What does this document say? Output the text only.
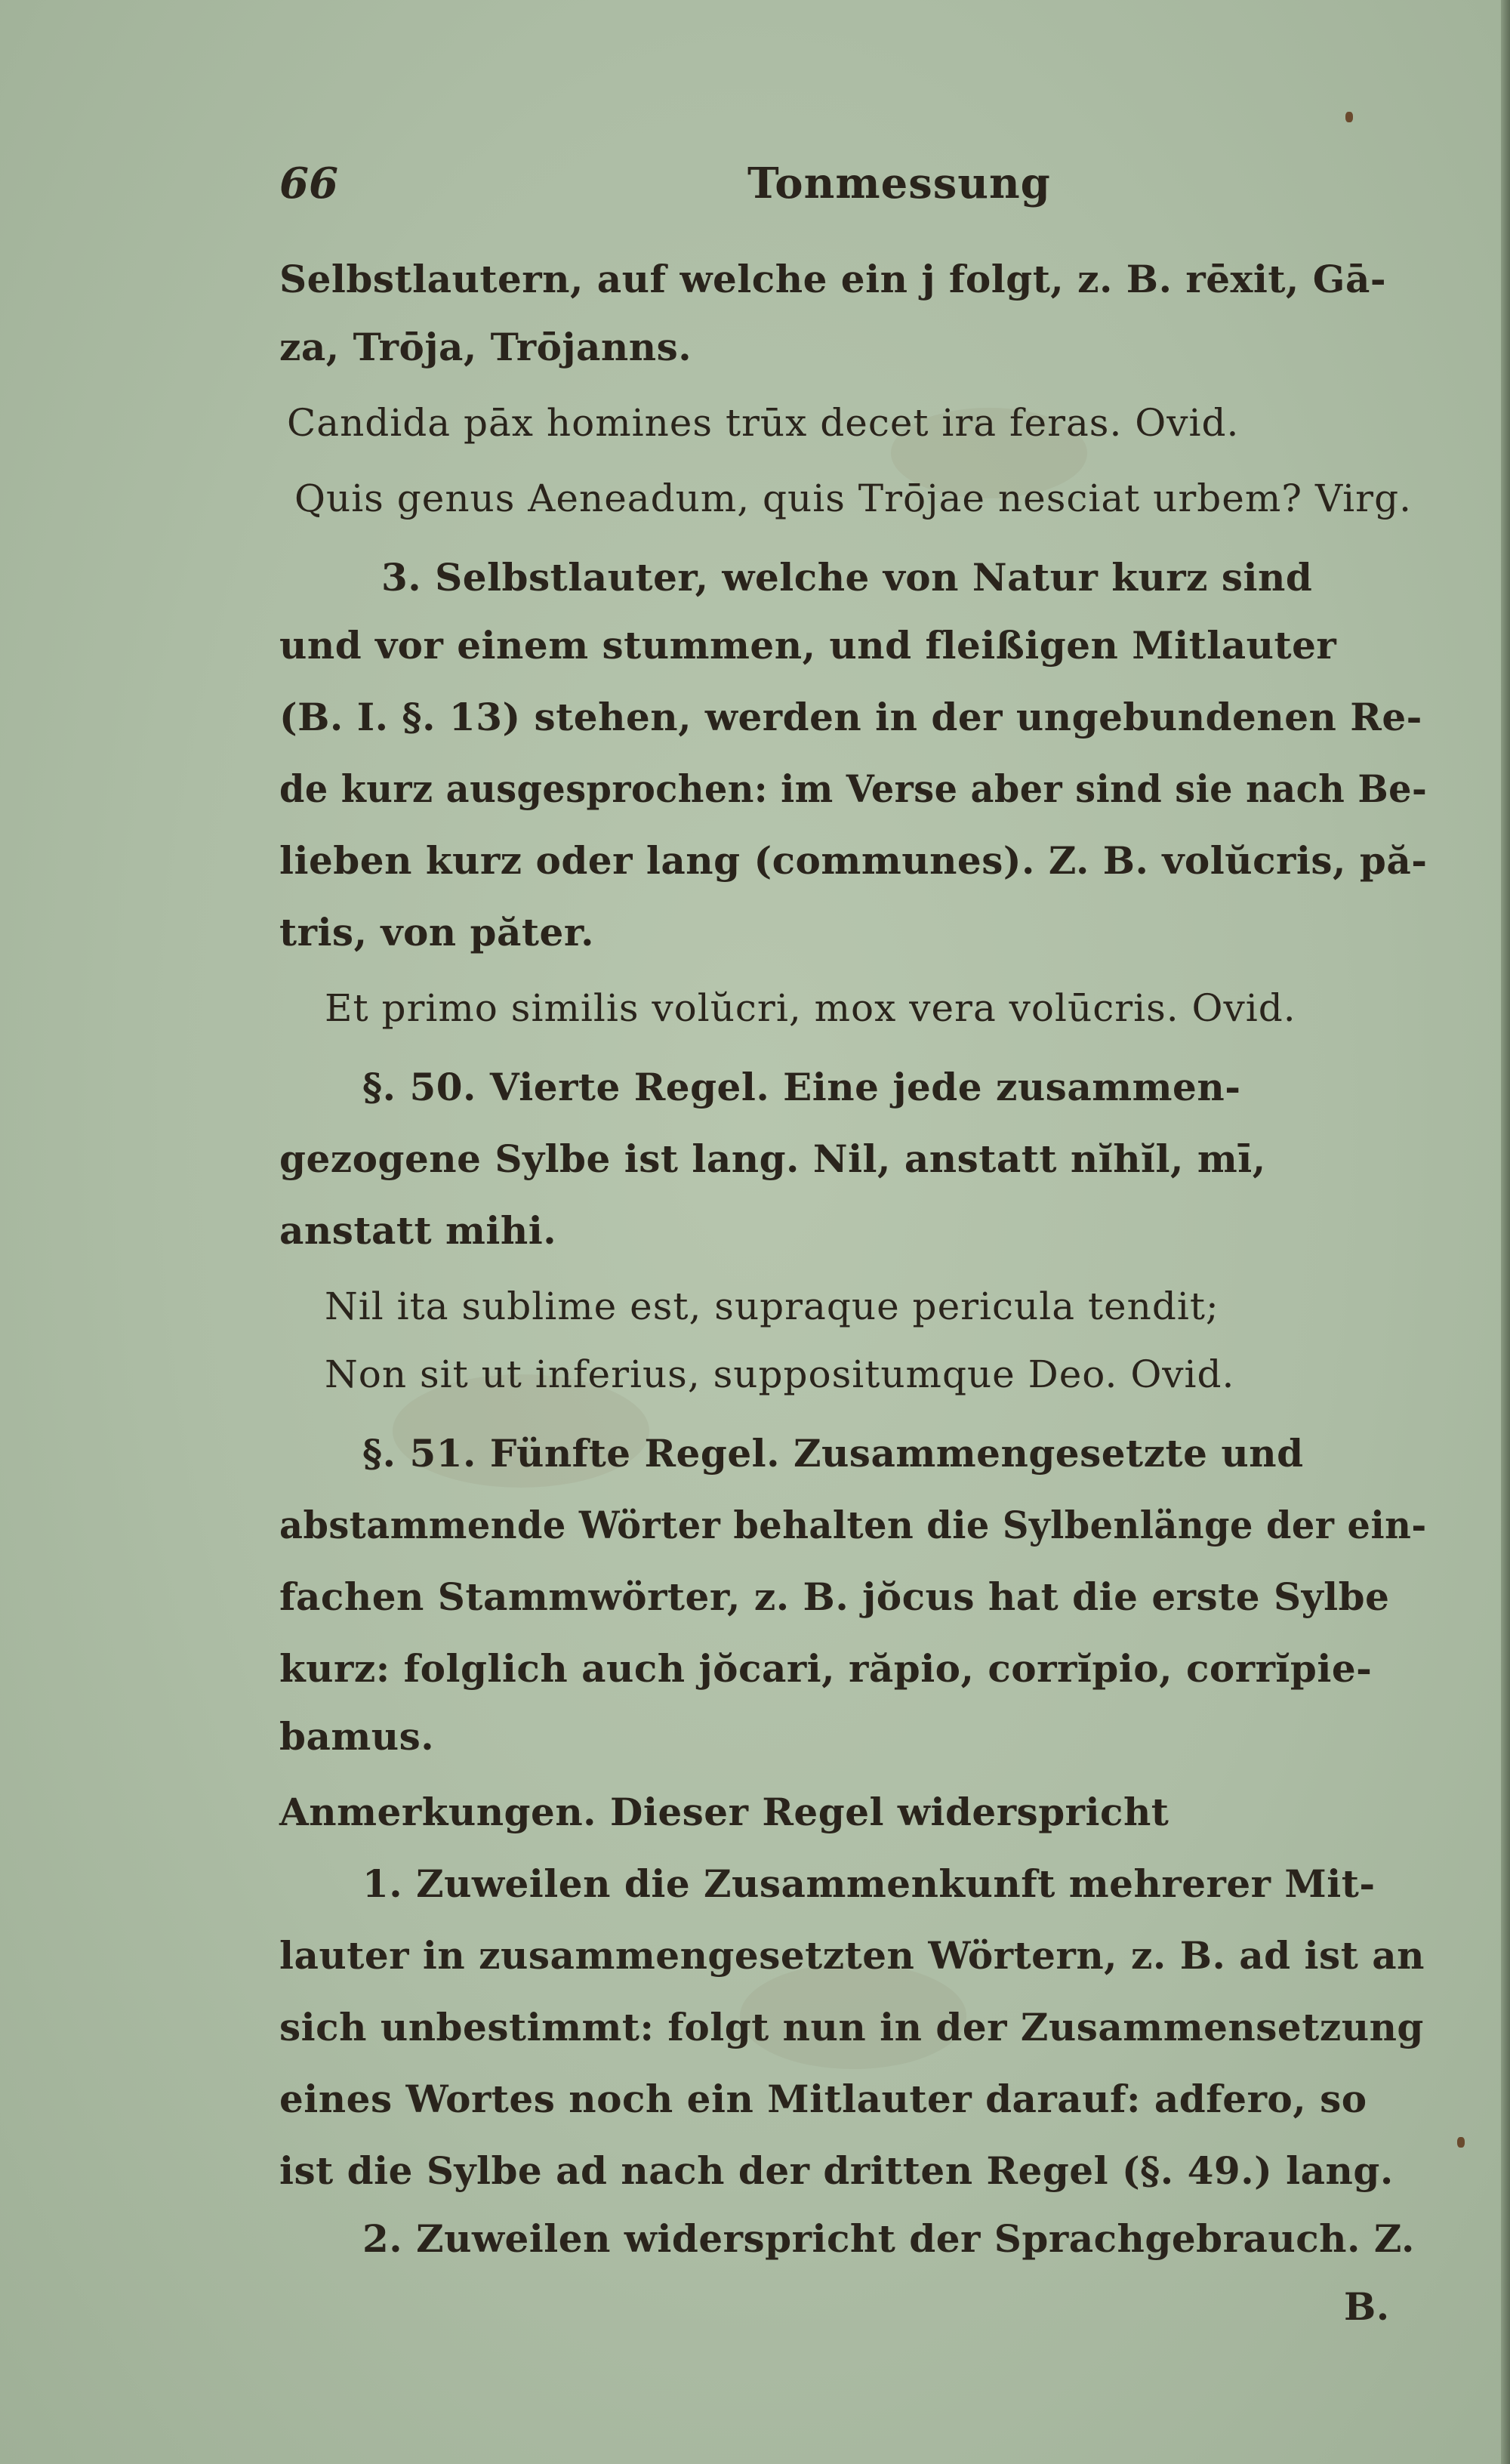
66	Tonmessung
Selbstlautern, auf welche ein j folgt, z. B. rēxit, Gā-
za, Trōja, Trōjanns.
Candida pāx homines trūx decet ira feras. Ovid.
Quis genus Aeneadum, quis Trōjae nesciat urbem? Virg.
3. Selbstlauter, welche von Natur kurz sind
und vor einem stummen, und fleißigen Mitlauter
(B. I. §. 13) stehen, werden in der ungebundenen Re-
de kurz ausgesprochen: im Verse aber sind sie nach Be-
lieben kurz oder lang (communes). Z. B. volŭcris, pă-
tris, von păter.
Et primo similis volŭcri, mox vera volūcris. Ovid.
§. 50. Vierte Regel. Eine jede zusammen-
gezogene Sylbe ist lang. Nil, anstatt nĭhĭl, mī,
anstatt mihi.
Nil ita sublime est, supraque pericula tendit;
Non sit ut inferius, suppositumque Deo. Ovid.
§. 51. Fünfte Regel. Zusammengesetzte und
abstammende Wörter behalten die Sylbenlänge der ein-
fachen Stammwörter, z. B. jŏcus hat die erste Sylbe
kurz: folglich auch jŏcari, răpio, corrĭpio, corrĭpie-
bamus.
Anmerkungen. Dieser Regel widerspricht
1. Zuweilen die Zusammenkunft mehrerer Mit-
lauter in zusammengesetzten Wörtern, z. B. ad ist an
sich unbestimmt: folgt nun in der Zusammensetzung
eines Wortes noch ein Mitlauter darauf: adfero, so
ist die Sylbe ad nach der dritten Regel (§. 49.) lang.
2. Zuweilen widerspricht der Sprachgebrauch. Z.
B.
